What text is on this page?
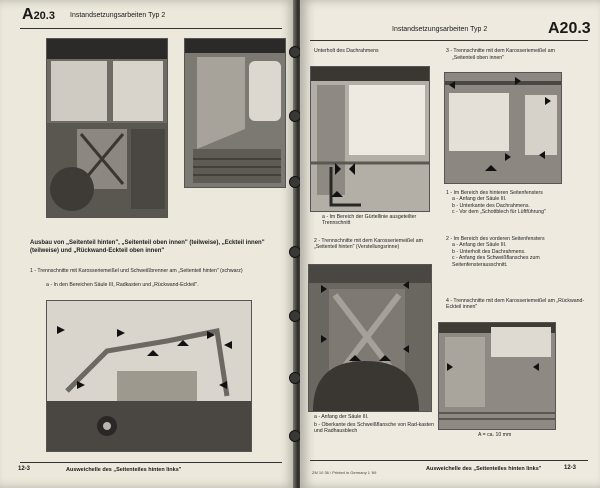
A20.3 Instandsetzungsarbeiten Typ 2
Ausbau von „Seitenteil hinten", „Seitenteil oben innen" (teilweise), „Eckteil innen" (teilweise) und „Rückwand-Eckteil oben innen"
1 - Trennschnitte mit Karosseriemeißel und Schweißbrenner am „Seitenteil hinten" (schwarz)
a - In den Bereichen Säule III, Radkasten und „Rückwand-Eckteil".
12-3	Ausweichelle des „Seitenteiles hinten links"
Instandsetzungsarbeiten Typ 2	A20.3
Unterholt des Dachrahmens	3 - Trennschnitte mit dem Karosseriemeißel am
„Seitenteil oben innen"
a - Im Bereich der Gürtellinie ausgeteilter Trennschnitt
2 - Trennschnitte mit dem Karosseriemeißel am „Seitenteil hinten" (Verstellungsrinne)
1 - Im Bereich des hinteren Seitenfensters
a - Anfang der Säule III.
b - Unterkante des Dachrahmens.
c - Vor dem „Schottblech für Lüftführung"
2 - Im Bereich des vorderen Seitenfensters
a - Anfang der Säule III.
b - Unterholt des Dachrahmens.
c - Anfang des Schweißflansches zum Seitenfensterausschnitt.
4 - Trennschnitte mit dem Karosseriemeißel am „Rückwand-Eckteil innen"
a - Anfang der Säule III.
b - Oberkante des Schweißflansche von Rad-kasten und Radhausblech
A = ca. 10 mm
ZM 10 36 / Printed in Germany 1 '69
Ausweichelle des „Seitenteiles hinten links"	12-3
